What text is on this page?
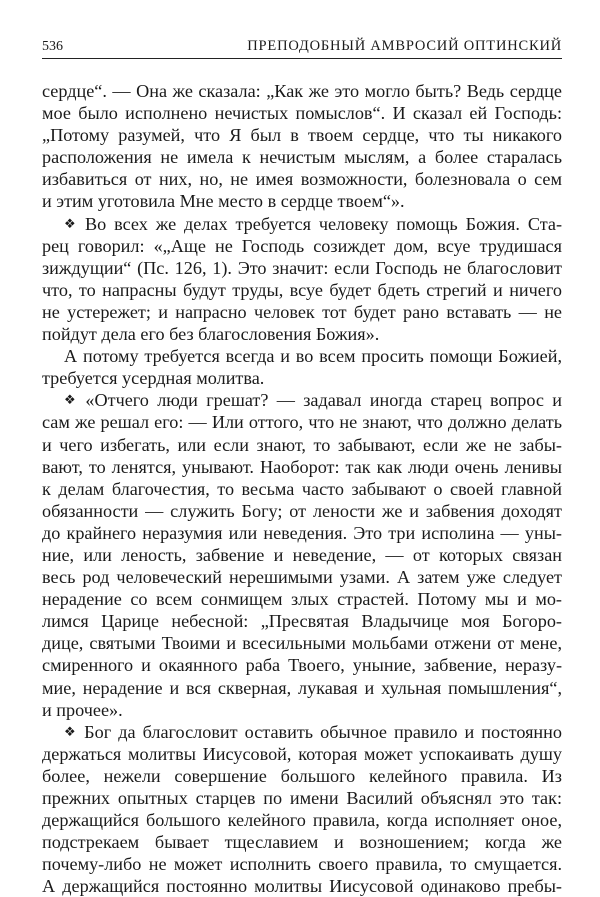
536	ПРЕПОДОБНЫЙ АМВРОСИЙ ОПТИНСКИЙ
сердце“. — Она же сказала: „Как же это могло быть? Ведь сердце
мое было исполнено нечистых помыслов“. И сказал ей Господь:
„Потому разумей, что Я был в твоем сердце, что ты никакого
расположения не имела к нечистым мыслям, а более старалась
избавиться от них, но, не имея возможности, болезновала о сем
и этим уготовила Мне место в сердце твоем“».
❖ Во всех же делах требуется человеку помощь Божия. Ста-
рец говорил: «„Аще не Господь созиждет дом, всуе трудишася
зиждущии“ (Пс. 126, 1). Это значит: если Господь не благословит
что, то напрасны будут труды, всуе будет бдеть стрегий и ничего
не устережет; и напрасно человек тот будет рано вставать — не
пойдут дела его без благословения Божия».
А потому требуется всегда и во всем просить помощи Божией,
требуется усердная молитва.
❖ «Отчего люди грешат? — задавал иногда старец вопрос и
сам же решал его: — Или оттого, что не знают, что должно делать
и чего избегать, или если знают, то забывают, если же не забы-
вают, то ленятся, унывают. Наоборот: так как люди очень ленивы
к делам благочестия, то весьма часто забывают о своей главной
обязанности — служить Богу; от лености же и забвения доходят
до крайнего неразумия или неведения. Это три исполина — уны-
ние, или леность, забвение и неведение, — от которых связан
весь род человеческий нерешимыми узами. А затем уже следует
нерадение со всем сонмищем злых страстей. Потому мы и мо-
лимся Царице небесной: „Пресвятая Владычице моя Богоро-
дице, святыми Твоими и всесильными мольбами отжени от мене,
смиренного и окаянного раба Твоего, уныние, забвение, неразу-
мие, нерадение и вся скверная, лукавая и хульная помышления“,
и прочее».
❖ Бог да благословит оставить обычное правило и постоянно
держаться молитвы Иисусовой, которая может успокаивать душу
более, нежели совершение большого келейного правила. Из
прежних опытных старцев по имени Василий объяснял это так:
держащийся большого келейного правила, когда исполняет оное,
подстрекаем бывает тщеславием и возношением; когда же
почему-либо не может исполнить своего правила, то смущается.
А держащийся постоянно молитвы Иисусовой одинаково пребы-
